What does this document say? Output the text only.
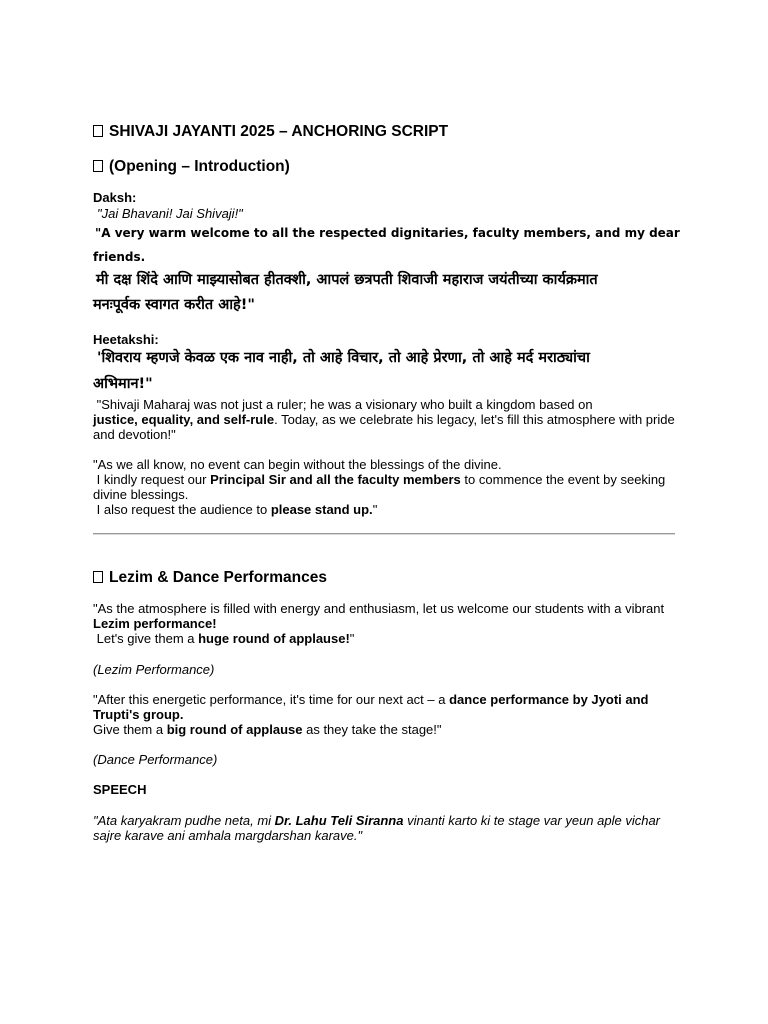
SHIVAJI JAYANTI 2025 – ANCHORING SCRIPT
(Opening – Introduction)
Daksh:
"Jai Bhavani! Jai Shivaji!"
"A very warm welcome to all the respected dignitaries, faculty members, and my dear
friends.
मी दक्ष शिंदे आणि माझ्यासोबत हीतक्शी, आपलं छत्रपती शिवाजी महाराज जयंतीच्या कार्यक्रमात
मनःपूर्वक स्वागत करीत आहे!"
Heetakshi:
'शिवराय म्हणजे केवळ एक नाव नाही, तो आहे विचार, तो आहे प्रेरणा, तो आहे मर्द मराठ्यांचा
अभिमान!"
"Shivaji Maharaj was not just a ruler; he was a visionary who built a kingdom based on
justice, equality, and self-rule. Today, as we celebrate his legacy, let's fill this atmosphere with pride and devotion!"
"As we all know, no event can begin without the blessings of the divine.
I kindly request our Principal Sir and all the faculty members to commence the event by seeking divine blessings.
I also request the audience to please stand up."
Lezim & Dance Performances
"As the atmosphere is filled with energy and enthusiasm, let us welcome our students with a vibrant Lezim performance!
Let's give them a huge round of applause!"
(Lezim Performance)
"After this energetic performance, it's time for our next act – a dance performance by Jyoti and Trupti's group.
Give them a big round of applause as they take the stage!"
(Dance Performance)
SPEECH
"Ata karyakram pudhe neta, mi Dr. Lahu Teli Siranna vinanti karto ki te stage var yeun aple vichar sajre karave ani amhala margdarshan karave."
